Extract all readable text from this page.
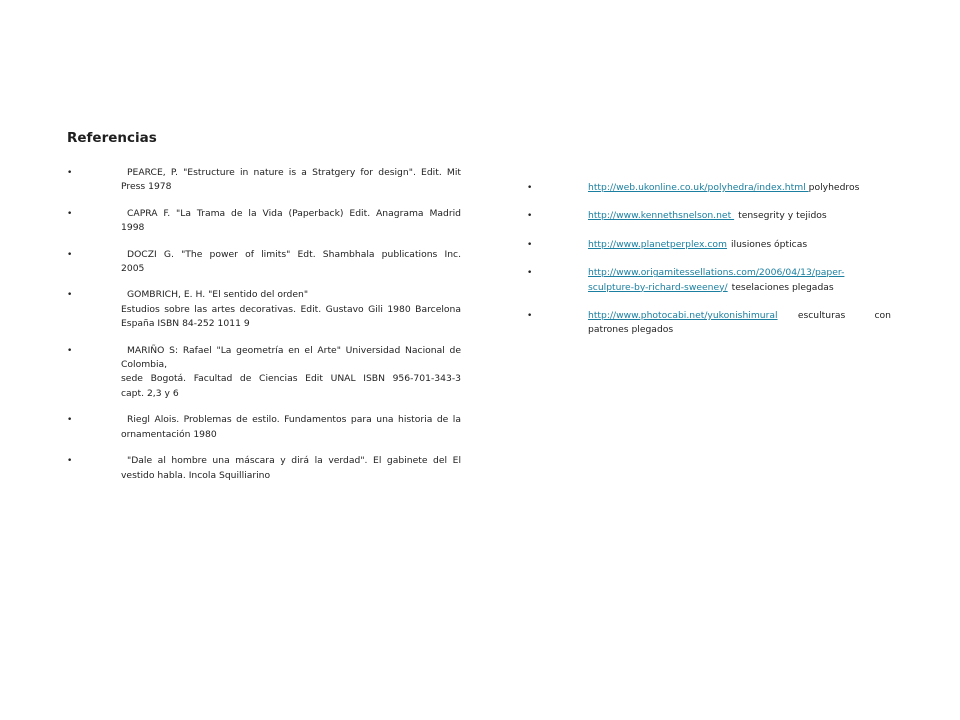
Referencias
•	PEARCE, P. "Estructure in nature is a Stratgery for design". Edit. Mit
Press 1978
•	CAPRA F. "La Trama de la Vida (Paperback) Edit. Anagrama Madrid
1998
•	DOCZI G. "The power of limits" Edt. Shambhala publications Inc.
2005
•	GOMBRICH, E. H. "El sentido del orden"
Estudios sobre las artes decorativas. Edit. Gustavo Gili 1980 Barcelona
España ISBN 84-252 1011 9
•	MARIÑO S: Rafael "La geometría en el Arte" Universidad Nacional de
Colombia,
sede Bogotá. Facultad de Ciencias Edit UNAL ISBN 956-701-343-3
capt. 2,3 y 6
•	Riegl Alois. Problemas de estilo. Fundamentos para una historia de la
ornamentación 1980
•	"Dale al hombre una máscara y dirá la verdad". El gabinete del El
vestido habla. Incola Squilliarino
•	http://web.ukonline.co.uk/polyhedra/index.html polyhedros
•	http://www.kennethsnelson.net tensegrity y tejidos
•	http://www.planetperplex.com ilusiones ópticas
•	http://www.origamitessellations.com/2006/04/13/paper-
sculpture-by-richard-sweeney/ teselaciones plegadas
•	http://www.photocabi.net/yukonishimural esculturas          con
patrones plegados
